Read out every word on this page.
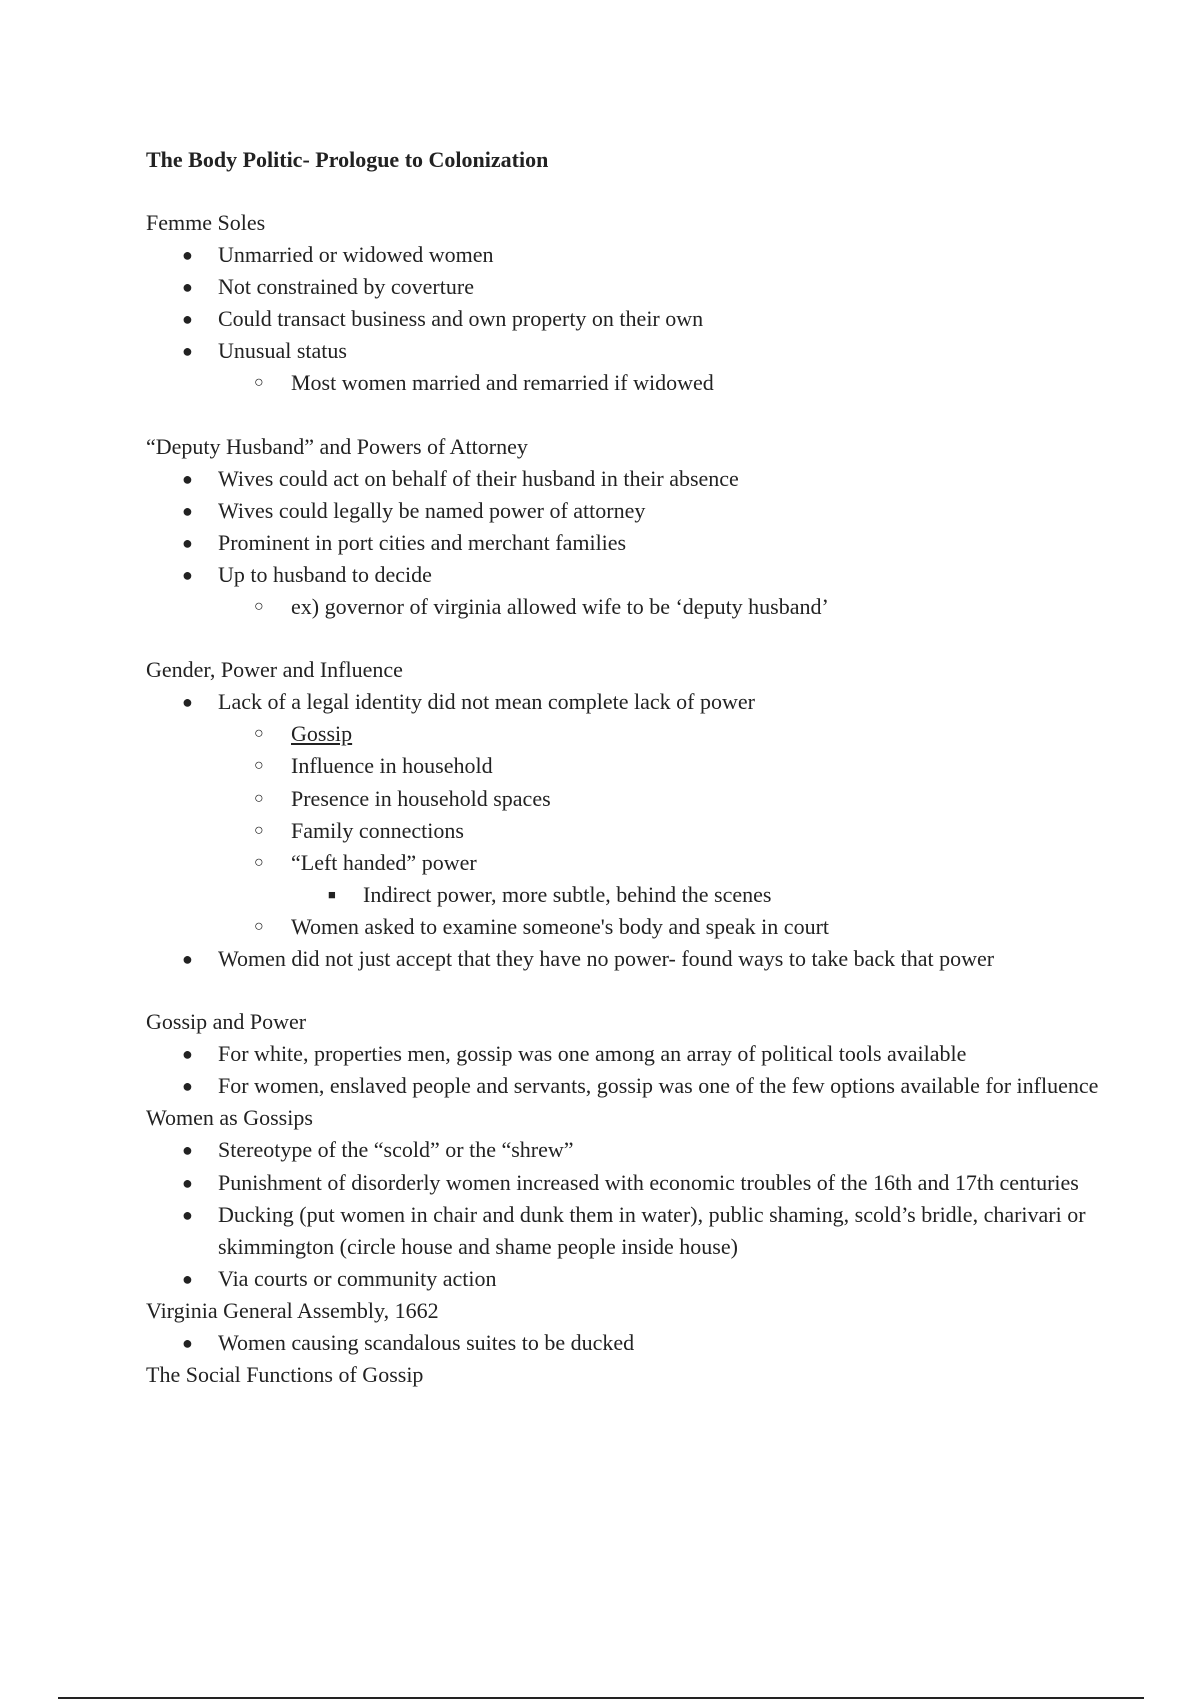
The Body Politic- Prologue to Colonization
Femme Soles
● Unmarried or widowed women
● Not constrained by coverture
● Could transact business and own property on their own
● Unusual status
○ Most women married and remarried if widowed
“Deputy Husband” and Powers of Attorney
● Wives could act on behalf of their husband in their absence
● Wives could legally be named power of attorney
● Prominent in port cities and merchant families
● Up to husband to decide
○ ex) governor of virginia allowed wife to be ‘deputy husband’
Gender, Power and Influence
● Lack of a legal identity did not mean complete lack of power
○ Gossip
○ Influence in household
○ Presence in household spaces
○ Family connections
○ “Left handed” power
■ Indirect power, more subtle, behind the scenes
○ Women asked to examine someone's body and speak in court
● Women did not just accept that they have no power- found ways to take back that power
Gossip and Power
● For white, properties men, gossip was one among an array of political tools available
● For women, enslaved people and servants, gossip was one of the few options available for influence
Women as Gossips
● Stereotype of the “scold” or the “shrew”
● Punishment of disorderly women increased with economic troubles of the 16th and 17th centuries
● Ducking (put women in chair and dunk them in water), public shaming, scold’s bridle, charivari or skimmington (circle house and shame people inside house)
● Via courts or community action
Virginia General Assembly, 1662
● Women causing scandalous suites to be ducked
The Social Functions of Gossip
